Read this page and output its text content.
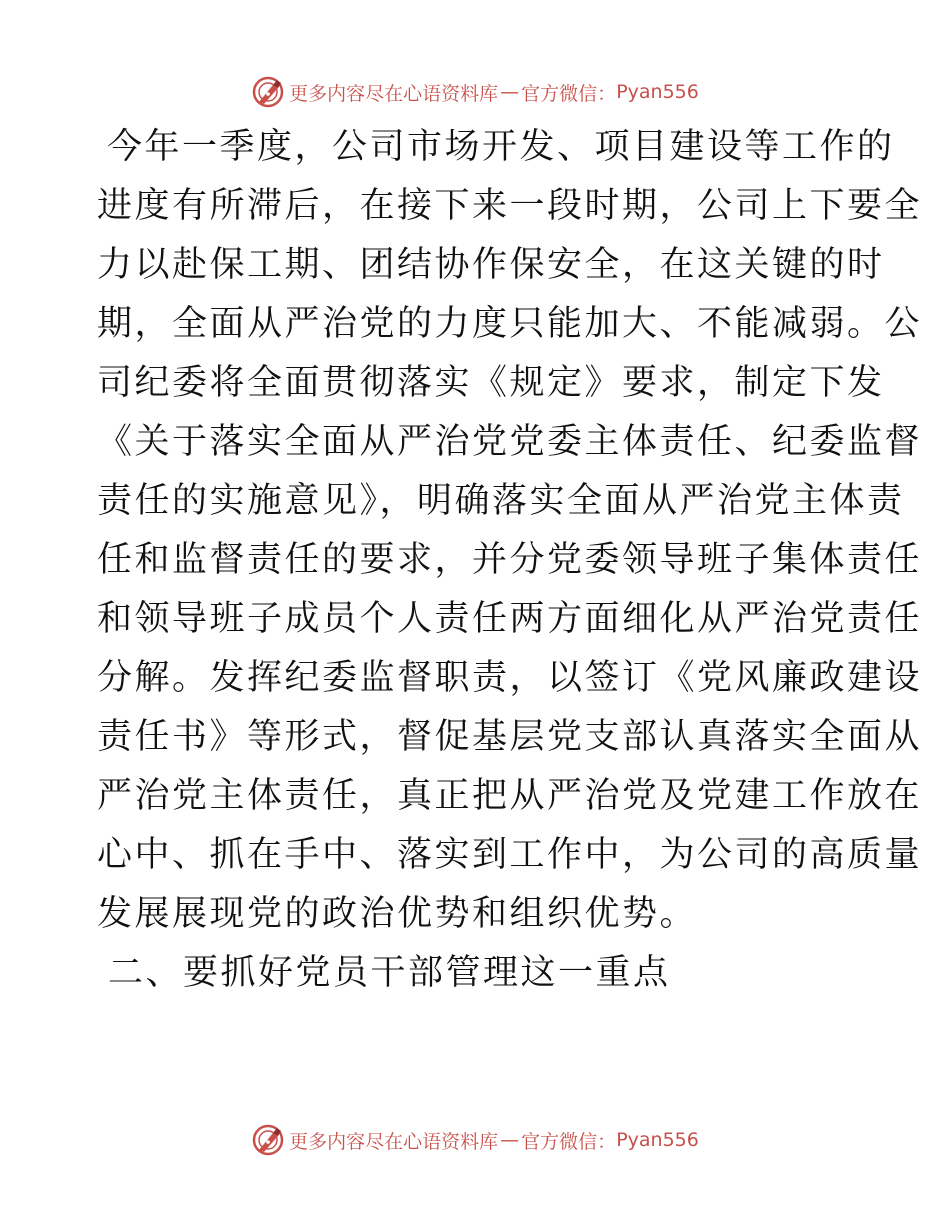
更多内容尽在心语资料库 — 官方微信： Pyan556
今年一季度，公司市场开发、项目建设等工作的
进度有所滞后，在接下来一段时期，公司上下要全
力以赴保工期、团结协作保安全，在这关键的时
期，全面从严治党的力度只能加大、不能减弱。公
司纪委将全面贯彻落实《规定》要求，制定下发
《关于落实全面从严治党党委主体责任、纪委监督
责任的实施意见》，明确落实全面从严治党主体责
任和监督责任的要求，并分党委领导班子集体责任
和领导班子成员个人责任两方面细化从严治党责任
分解。发挥纪委监督职责，以签订《党风廉政建设
责任书》等形式，督促基层党支部认真落实全面从
严治党主体责任，真正把从严治党及党建工作放在
心中、抓在手中、落实到工作中，为公司的高质量
发展展现党的政治优势和组织优势。
二、要抓好党员干部管理这一重点
更多内容尽在心语资料库 — 官方微信： Pyan556
